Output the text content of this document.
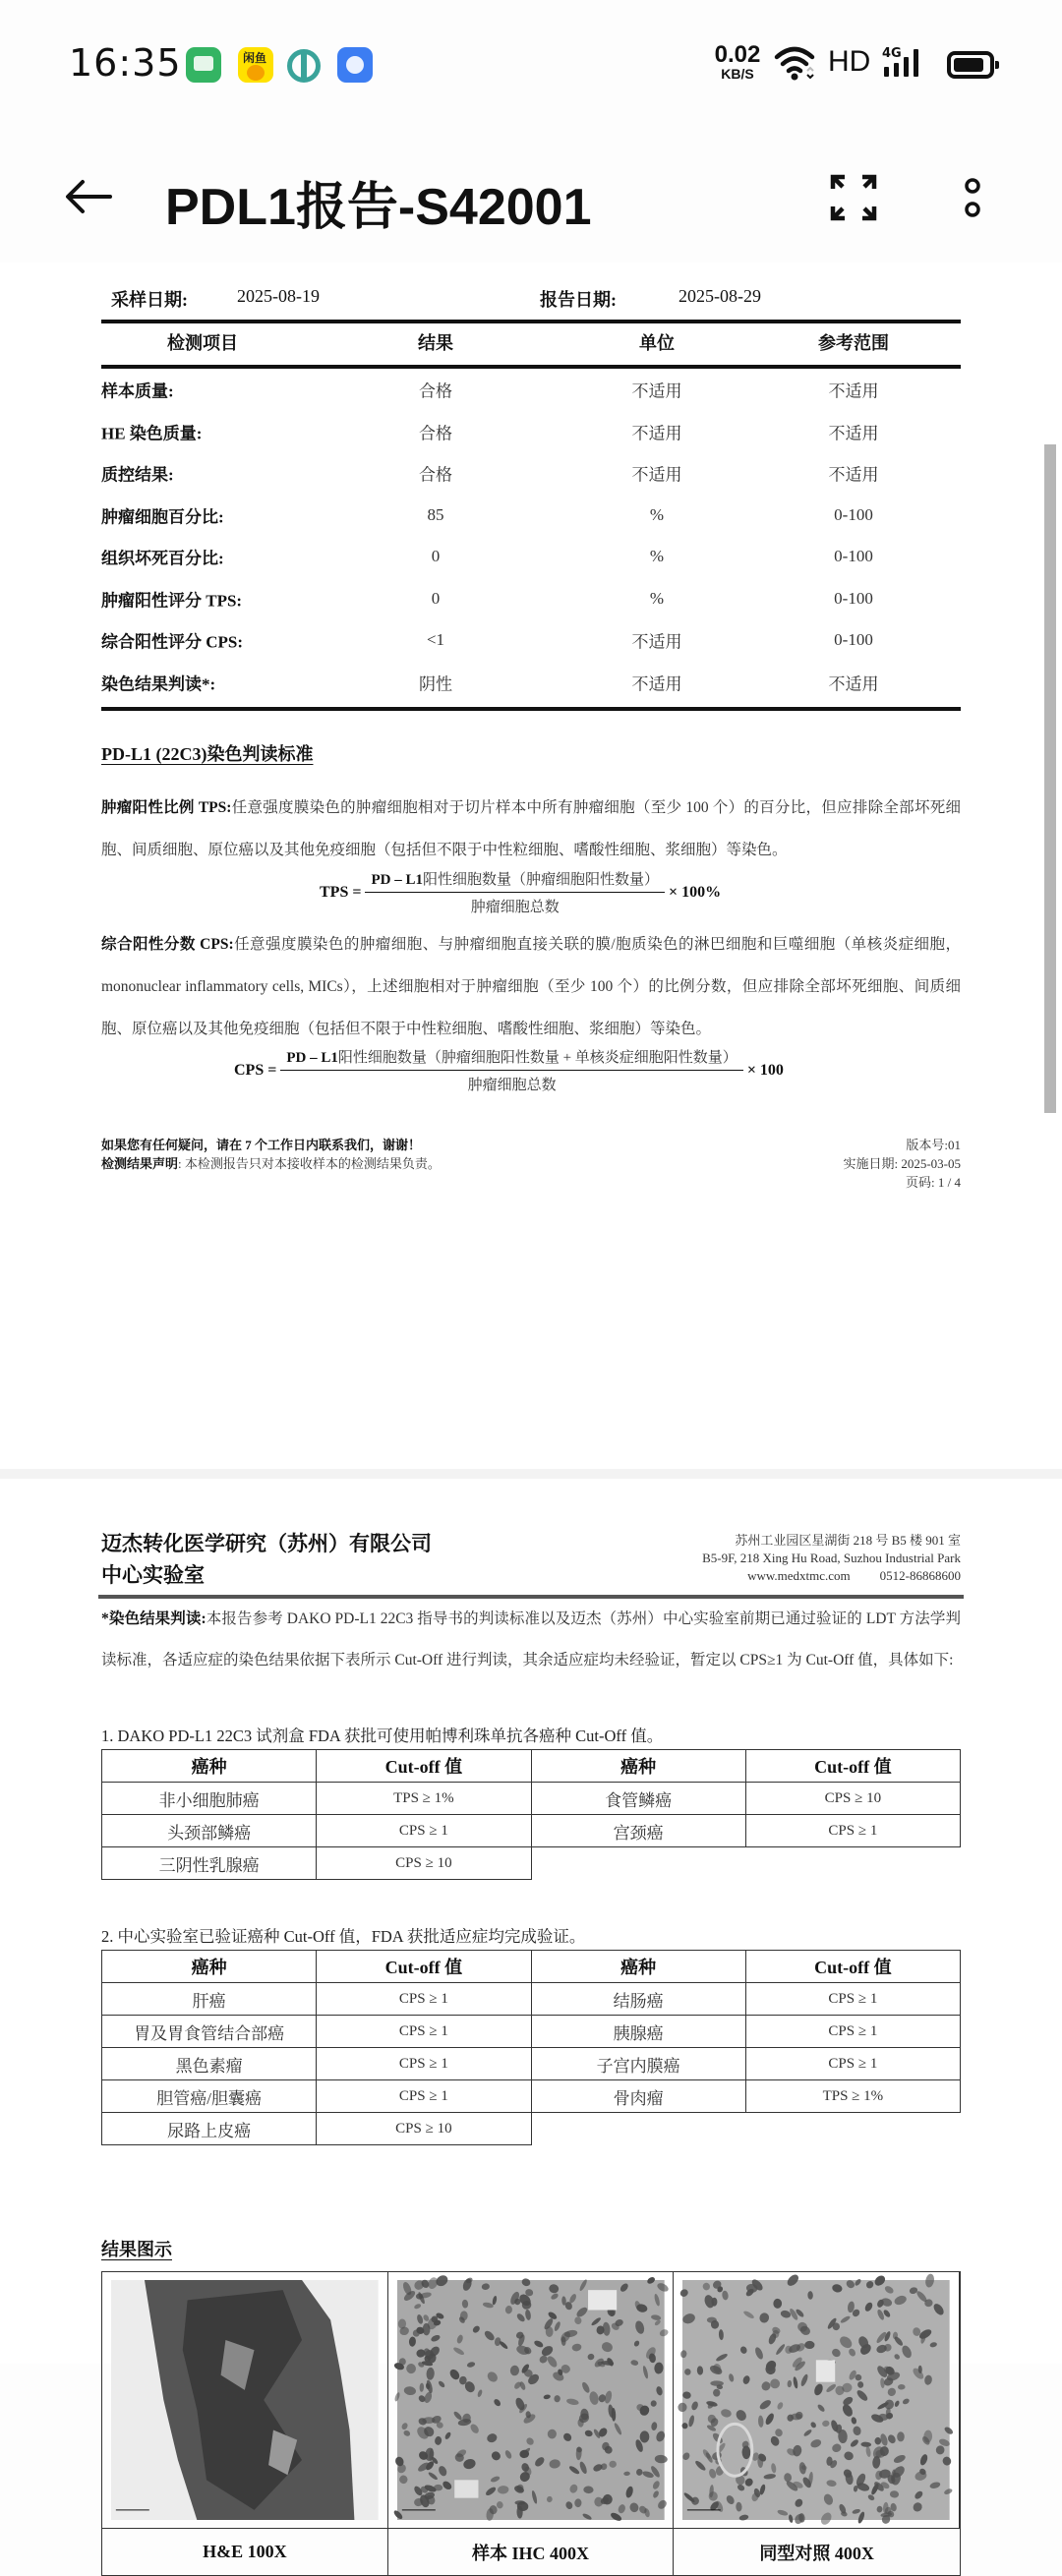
16:35	闲鱼	0.02
KB/S	HD 4G
PDL1报告-S42001
采样日期:	2025-08-19	报告日期:	2025-08-29
检测项目	结果	单位	参考范围
样本质量:	合格	不适用	不适用
HE 染色质量:	合格	不适用	不适用
质控结果:	合格	不适用	不适用
肿瘤细胞百分比:	85	%	0-100
组织坏死百分比:	0	%	0-100
肿瘤阳性评分 TPS:	0	%	0-100
综合阳性评分 CPS:	<1	不适用	0-100
染色结果判读*:	阴性	不适用	不适用
PD-L1 (22C3)染色判读标准
肿瘤阳性比例 TPS:任意强度膜染色的肿瘤细胞相对于切片样本中所有肿瘤细胞（至少 100 个）的百分比，但应排除全部坏死细胞、间质细胞、原位癌以及其他免疫细胞（包括但不限于中性粒细胞、嗜酸性细胞、浆细胞）等染色。
TPS = $\frac{\text{PD – L1阳性细胞数量（肿瘤细胞阳性数量）}}{\text{肿瘤细胞总数}} \times 100\%$
综合阳性分数 CPS:任意强度膜染色的肿瘤细胞、与肿瘤细胞直接关联的膜/胞质染色的淋巴细胞和巨噬细胞（单核炎症细胞，mononuclear inflammatory cells, MICs），上述细胞相对于肿瘤细胞（至少 100 个）的比例分数，但应排除全部坏死细胞、间质细胞、原位癌以及其他免疫细胞（包括但不限于中性粒细胞、嗜酸性细胞、浆细胞）等染色。
CPS = $\frac{\text{PD – L1阳性细胞数量（肿瘤细胞阳性数量 + 单核炎症细胞阳性数量）}}{\text{肿瘤细胞总数}} \times 100$
如果您有任何疑问，请在 7 个工作日内联系我们，谢谢！
检测结果声明: 本检测报告只对本接收样本的检测结果负责。
版本号:01
实施日期: 2025-03-05
页码: 1 / 4
迈杰转化医学研究（苏州）有限公司
中心实验室
苏州工业园区星湖街 218 号 B5 楼 901 室
B5-9F, 218 Xing Hu Road, Suzhou Industrial Park
www.medxtmc.com 0512-86868600
*染色结果判读:本报告参考 DAKO PD-L1 22C3 指导书的判读标准以及迈杰（苏州）中心实验室前期已通过验证的 LDT 方法学判读标准，各适应症的染色结果依据下表所示 Cut-Off 进行判读，其余适应症均未经验证，暂定以 CPS≥1 为 Cut-Off 值，具体如下:
1. DAKO PD-L1 22C3 试剂盒 FDA 获批可使用帕博利珠单抗各癌种 Cut-Off 值。
癌种	Cut-off 值	癌种	Cut-off 值
非小细胞肺癌	TPS ≥ 1%	食管鳞癌	CPS ≥ 10
头颈部鳞癌	CPS ≥ 1	宫颈癌	CPS ≥ 1
三阴性乳腺癌	CPS ≥ 10		
2. 中心实验室已验证癌种 Cut-Off 值，FDA 获批适应症均完成验证。
癌种	Cut-off 值	癌种	Cut-off 值
肝癌	CPS ≥ 1	结肠癌	CPS ≥ 1
胃及胃食管结合部癌	CPS ≥ 1	胰腺癌	CPS ≥ 1
黑色素瘤	CPS ≥ 1	子宫内膜癌	CPS ≥ 1
胆管癌/胆囊癌	CPS ≥ 1	骨肉瘤	TPS ≥ 1%
尿路上皮癌	CPS ≥ 10		
结果图示
H&E 100X	样本 IHC 400X	同型对照 400X
